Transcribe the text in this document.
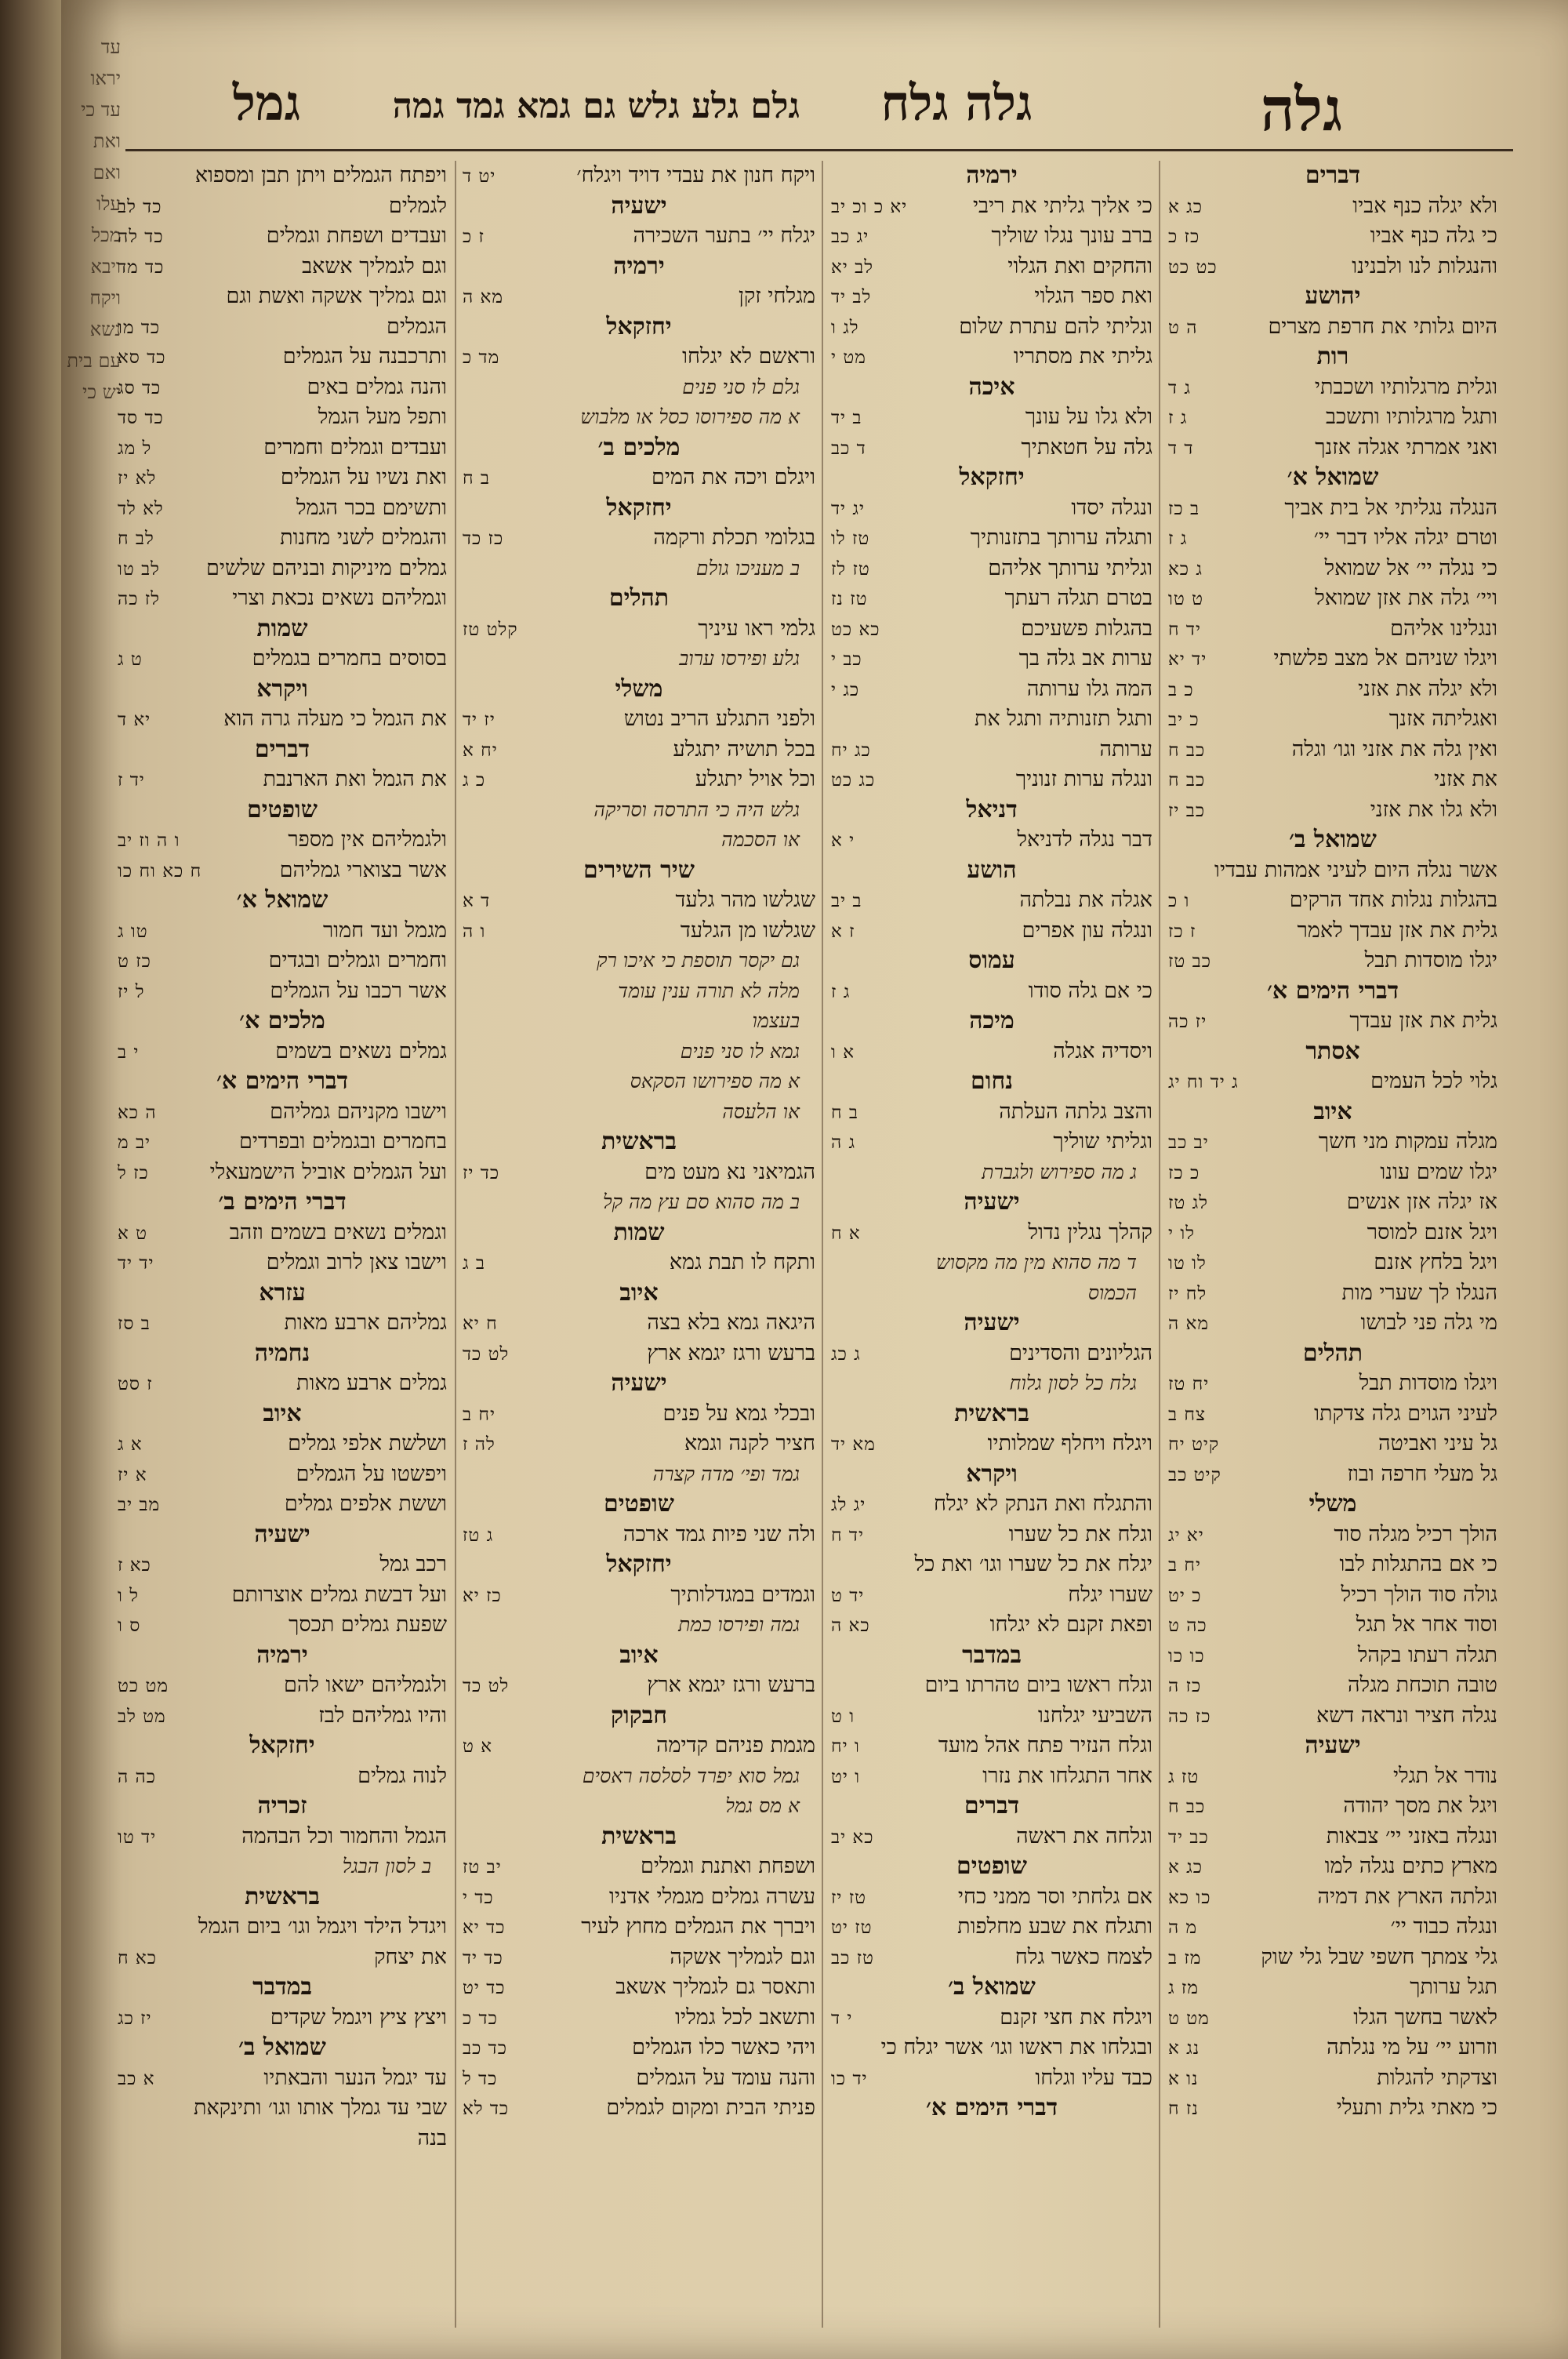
עד יראו עד כי ואת ואם עלו מכל ויבא ויקח נשא עם בית יש כי
גלה
גלה גלח
גלם גלע גלש גם גמא גמד גמה
גמל
דברים
ולא יגלה כנף אביו
כג א
כי גלה כנף אביו
כז כ
והנגלות לנו ולבנינו
כט כט
יהושע
היום גלותי את חרפת מצרים
ה ט
רות
וגלית מרגלותיו ושכבתי
ג ד
ותגל מרגלותיו ותשכב
ג ז
ואני אמרתי אגלה אזנך
ד ד
שמואל א׳
הנגלה נגליתי אל בית אביך
ב כז
וטרם יגלה אליו דבר יי׳
ג ז
כי נגלה יי׳ אל שמואל
ג כא
ויי׳ גלה את אזן שמואל
ט טו
ונגלינו אליהם
יד ח
ויגלו שניהם אל מצב פלשתי
יד יא
ולא יגלה את אזני
כ ב
ואגליתה אזנך
כ יב
ואין גלה את אזני וגו׳ וגלה
כב ח
את אזני
כב ח
ולא גלו את אזני
כב יז
שמואל ב׳
אשר נגלה היום לעיני אמהות עבדיו
בהגלות נגלות אחד הרקים
ו כ
גלית את אזן עבדך לאמר
ז כז
יגלו מוסדות תבל
כב טז
דברי הימים א׳
גלית את אזן עבדך
יז כה
אסתר
גלוי לכל העמים
ג יד וח יג
איוב
מגלה עמקות מני חשך
יב כב
יגלו שמים עונו
כ כז
אז יגלה אזן אנשים
לג טז
ויגל אזנם למוסר
לו י
ויגל בלחץ אזנם
לו טו
הנגלו לך שערי מות
לח יז
מי גלה פני לבושו
מא ה
תהלים
ויגלו מוסדות תבל
יח טז
לעיני הגוים גלה צדקתו
צח ב
גל עיני ואביטה
קיט יח
גל מעלי חרפה ובוז
קיט כב
משלי
הולך רכיל מגלה סוד
יא יג
כי אם בהתגלות לבו
יח ב
גולה סוד הולך רכיל
כ יט
וסוד אחר אל תגל
כה ט
תגלה רעתו בקהל
כו כו
טובה תוכחת מגלה
כז ה
נגלה חציר ונראה דשא
כז כה
ישעיה
נודר אל תגלי
טז ג
ויגל את מסך יהודה
כב ח
ונגלה באזני יי׳ צבאות
כב יד
מארץ כתים נגלה למו
כג א
וגלתה הארץ את דמיה
כו כא
ונגלה כבוד יי׳
מ ה
גלי צמתך חשפי שבל גלי שוק
מז ב
תגל ערותך
מז ג
לאשר בחשך הגלו
מט ט
וזרוע יי׳ על מי נגלתה
נג א
וצדקתי להגלות
נו א
כי מאתי גלית ותעלי
נז ח
ירמיה
כי אליך גליתי את ריבי
יא כ וכ יב
ברב עונך נגלו שוליך
יג כב
והחקים ואת הגלוי
לב יא
ואת ספר הגלוי
לב יד
וגליתי להם עתרת שלום
לג ו
גליתי את מסתריו
מט י
איכה
ולא גלו על עונך
ב יד
גלה על חטאתיך
ד כב
יחזקאל
ונגלה יסדו
יג יד
ותגלה ערותך בתזנותיך
טז לו
וגליתי ערותך אליהם
טז לז
בטרם תגלה רעתך
טז נז
בהגלות פשעיכם
כא כט
ערות אב גלה בך
כב י
המה גלו ערותה
כג י
ותגל תזנותיה ותגל את
ערותה
כג יח
ונגלה ערות זנוניך
כג כט
דניאל
דבר נגלה לדניאל
י א
הושע
אגלה את נבלתה
ב יב
ונגלה עון אפרים
ז א
עמוס
כי אם גלה סודו
ג ז
מיכה
ויסדיה אגלה
א ו
נחום
והצב גלתה העלתה
ב ח
וגליתי שוליך
ג ה
ג מה ספירוש ולגברת
ישעיה
קהלך נגלין נדול
א ח
ד מה סהוא מין מה מקסוש
הכמוס
ישעיה
הגליונים והסדינים
ג כג
גלח כל לסון גלוח
בראשית
ויגלח ויחלף שמלותיו
מא יד
ויקרא
והתגלח ואת הנתק לא יגלח
יג לג
וגלח את כל שערו
יד ח
יגלח את כל שערו וגו׳ ואת כל
שערו יגלח
יד ט
ופאת זקנם לא יגלחו
כא ה
במדבר
וגלח ראשו ביום טהרתו ביום
השביעי יגלחנו
ו ט
וגלח הנזיר פתח אהל מועד
ו יח
אחר התגלחו את נזרו
ו יט
דברים
וגלחה את ראשה
כא יב
שופטים
אם גלחתי וסר ממני כחי
טז יז
ותגלח את שבע מחלפות
טז יט
לצמח כאשר גלח
טז כב
שמואל ב׳
ויגלח את חצי זקנם
י ד
ובגלחו את ראשו וגו׳ אשר יגלח כי
כבד עליו וגלחו
יד כו
דברי הימים א׳
ויקח חנון את עבדי דויד ויגלח׳
יט ד
ישעיה
יגלח יי׳ בתער השכירה
ז כ
ירמיה
מגלחי זקן
מא ה
יחזקאל
וראשם לא יגלחו
מד כ
גלם לו סני פנים
א מה ספירוסו כסל או מלבוש
מלכים ב׳
ויגלם ויכה את המים
ב ח
יחזקאל
בגלומי תכלת ורקמה
כז כד
ב מעניכו גולם
תהלים
גלמי ראו עיניך
קלט טז
גלע ופירסו ערוב
משלי
ולפני התגלע הריב נטוש
יז יד
בכל תושיה יתגלע
יח א
וכל אויל יתגלע
כ ג
גלש היה כי התרסה וסריקה
או הסכמה
שיר השירים
שגלשו מהר גלעד
ד א
שגלשו מן הגלעד
ו ה
גם יקסר תוספת כי איכו רק
מלה לא תורה ענין עומד
בעצמו
גמא לו סני פנים
א מה ספירושו הסקאס
או הלעסה
בראשית
הגמיאני נא מעט מים
כד יז
ב מה סהוא סם עץ מה קל
שמות
ותקח לו תבת גמא
ב ג
איוב
היגאה גמא בלא בצה
ח יא
ברעש ורגז יגמא ארץ
לט כד
ישעיה
ובכלי גמא על פנים
יח ב
חציר לקנה וגמא
לה ז
גמד ופי׳ מדה קצרה
שופטים
ולה שני פיות גמד ארכה
ג טז
יחזקאל
וגמדים במגדלותיך
כז יא
גמה ופירסו כמת
איוב
ברעש ורגז יגמא ארץ
לט כד
חבקוק
מגמת פניהם קדימה
א ט
גמל סוא יפרד לסלסה ראסים
א מס גמל
בראשית
ושפחת ואתנת וגמלים
יב טז
עשרה גמלים מגמלי אדניו
כד י
ויברך את הגמלים מחוץ לעיר
כד יא
וגם לגמליך אשקה
כד יד
ותאסר גם לגמליך אשאב
כד יט
ותשאב לכל גמליו
כד כ
ויהי כאשר כלו הגמלים
כד כב
והנה עומד על הגמלים
כד ל
פניתי הבית ומקום לגמלים
כד לא
ויפתח הגמלים ויתן תבן ומספוא
לגמלים
כד לב
ועבדים ושפחת וגמלים
כד לה
וגם לגמליך אשאב
כד מד
וגם גמליך אשקה ואשת וגם
הגמלים
כד מו
ותרכבנה על הגמלים
כד סא
והנה גמלים באים
כד סג
ותפל מעל הגמל
כד סד
ועבדים וגמלים וחמרים
ל מג
ואת נשיו על הגמלים
לא יז
ותשימם בכר הגמל
לא לד
והגמלים לשני מחנות
לב ח
גמלים מיניקות ובניהם שלשים
לב טו
וגמליהם נשאים נכאת וצרי
לז כה
שמות
בסוסים בחמרים בגמלים
ט ג
ויקרא
את הגמל כי מעלה גרה הוא
יא ד
דברים
את הגמל ואת הארנבת
יד ז
שופטים
ולגמליהם אין מספר
ו ה וז יב
אשר בצוארי גמליהם
ח כא וח כו
שמואל א׳
מגמל ועד חמור
טו ג
וחמרים וגמלים ובגדים
כז ט
אשר רכבו על הגמלים
ל יז
מלכים א׳
גמלים נשאים בשמים
י ב
דברי הימים א׳
וישבו מקניהם גמליהם
ה כא
בחמרים ובגמלים ובפרדים
יב מ
ועל הגמלים אוביל הישמעאלי
כז ל
דברי הימים ב׳
וגמלים נשאים בשמים וזהב
ט א
וישבו צאן לרוב וגמלים
יד יד
עזרא
גמליהם ארבע מאות
ב סז
נחמיה
גמלים ארבע מאות
ז סט
איוב
ושלשת אלפי גמלים
א ג
ויפשטו על הגמלים
א יז
וששת אלפים גמלים
מב יב
ישעיה
רכב גמל
כא ז
ועל דבשת גמלים אוצרותם
ל ו
שפעת גמלים תכסך
ס ו
ירמיה
ולגמליהם ישאו להם
מט כט
והיו גמליהם לבז
מט לב
יחזקאל
לנוה גמלים
כה ה
זכריה
הגמל והחמור וכל הבהמה
יד טו
ב לסון הבגל
בראשית
ויגדל הילד ויגמל וגו׳ ביום הגמל
את יצחק
כא ח
במדבר
ויצץ ציץ ויגמל שקדים
יז כג
שמואל ב׳
עד יגמל הנער והבאתיו
א כב
שבי עד גמלך אותו וגו׳ ותינקאת
בנה
